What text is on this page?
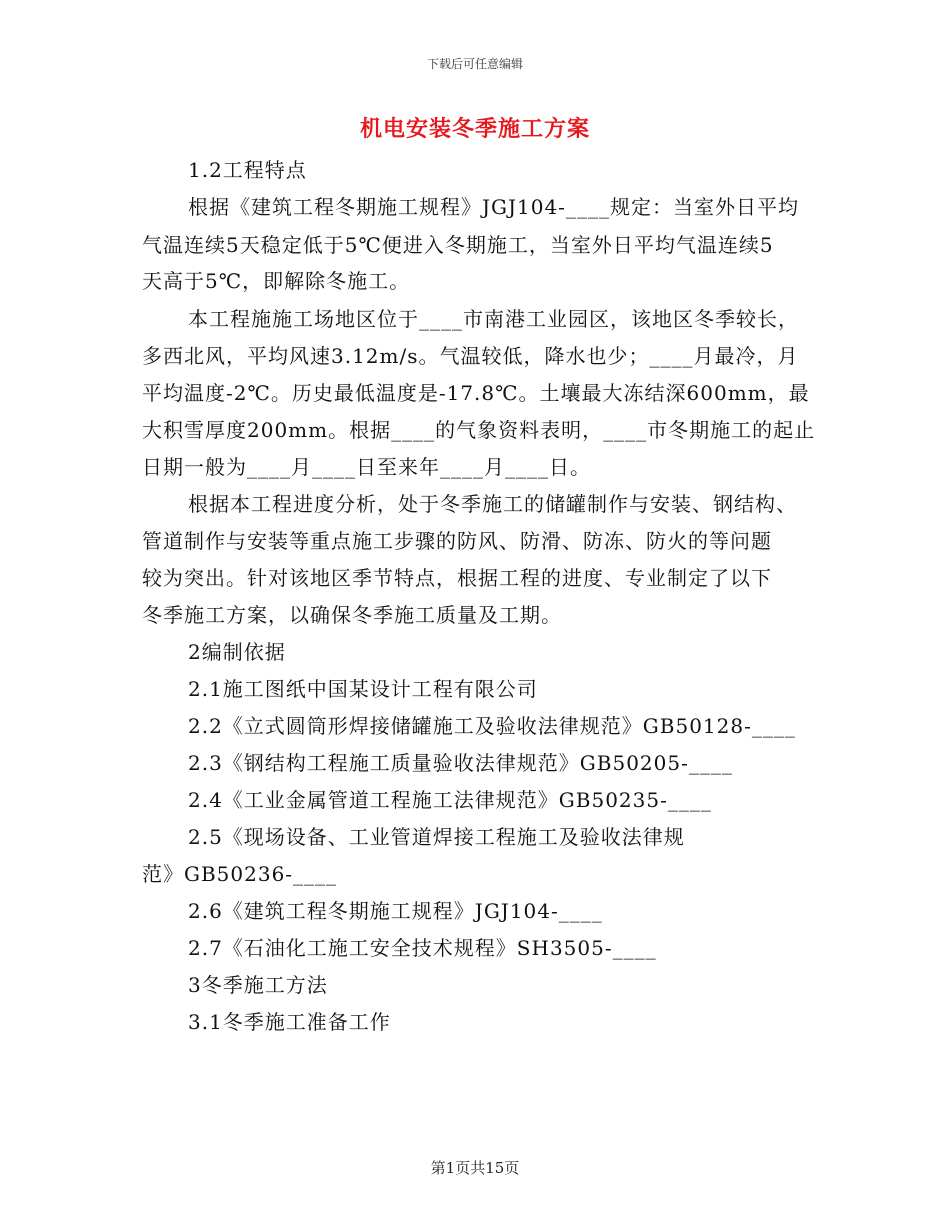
下载后可任意编辑
机电安装冬季施工方案
1.2工程特点
根据《建筑工程冬期施工规程》JGJ104-____规定：当室外日平均
气温连续5天稳定低于5℃便进入冬期施工，当室外日平均气温连续5
天高于5℃，即解除冬施工。
本工程施施工场地区位于____市南港工业园区，该地区冬季较长，
多西北风，平均风速3.12m/s。气温较低，降水也少；____月最冷，月
平均温度-2℃。历史最低温度是-17.8℃。土壤最大冻结深600mm，最
大积雪厚度200mm。根据____的气象资料表明，____市冬期施工的起止
日期一般为____月____日至来年____月____日。
根据本工程进度分析，处于冬季施工的储罐制作与安装、钢结构、
管道制作与安装等重点施工步骤的防风、防滑、防冻、防火的等问题
较为突出。针对该地区季节特点，根据工程的进度、专业制定了以下
冬季施工方案，以确保冬季施工质量及工期。
2编制依据
2.1施工图纸中国某设计工程有限公司
2.2《立式圆筒形焊接储罐施工及验收法律规范》GB50128-____
2.3《钢结构工程施工质量验收法律规范》GB50205-____
2.4《工业金属管道工程施工法律规范》GB50235-____
2.5《现场设备、工业管道焊接工程施工及验收法律规
范》GB50236-____
2.6《建筑工程冬期施工规程》JGJ104-____
2.7《石油化工施工安全技术规程》SH3505-____
3冬季施工方法
3.1冬季施工准备工作
第1页共15页
